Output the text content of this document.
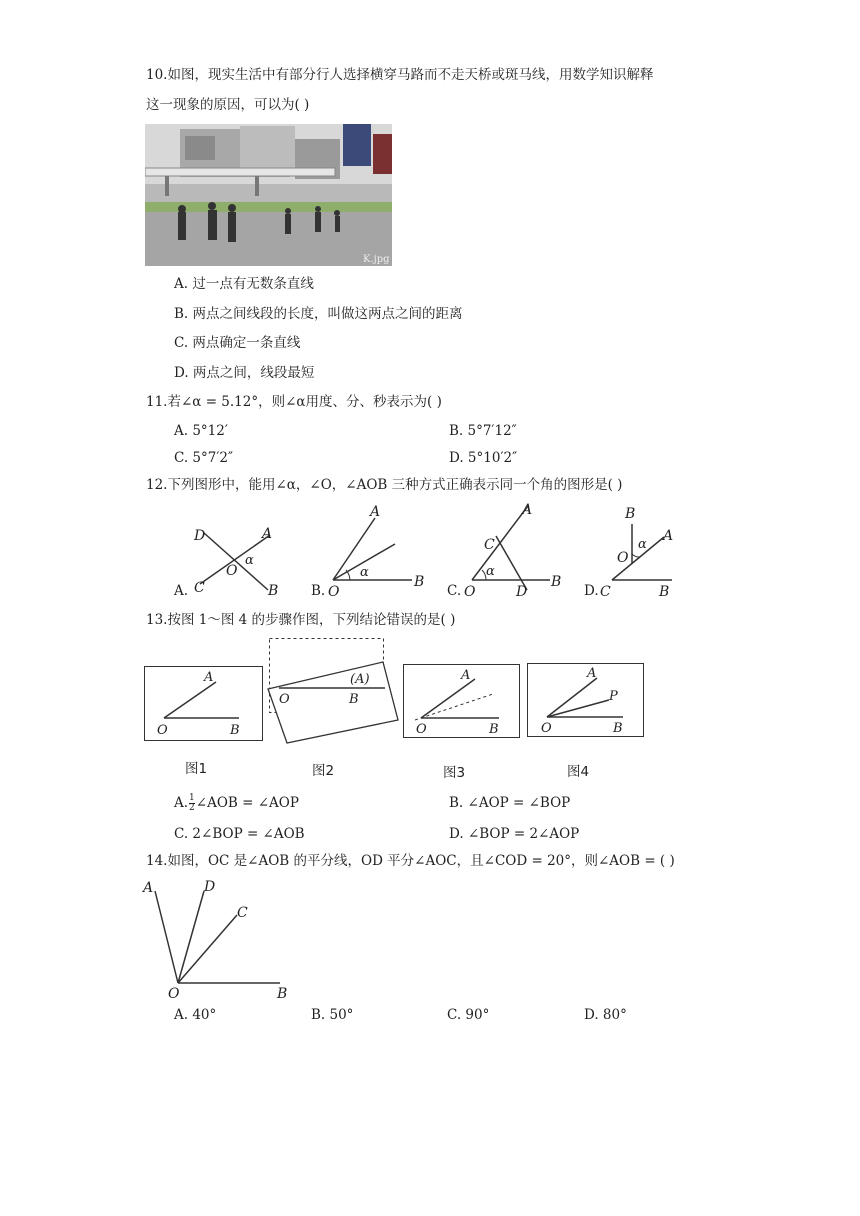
10.如图，现实生活中有部分行人选择横穿马路而不走天桥或斑马线，用数学知识解释
这一现象的原因，可以为( )
K.jpg
A. 过一点有无数条直线
B. 两点之间线段的长度，叫做这两点之间的距离
C. 两点确定一条直线
D. 两点之间，线段最短
11.若∠α = 5.12°，则∠α用度、分、秒表示为( )
A. 5°12′	B. 5°7′12″
C. 5°7′2″	D. 5°10′2″
12.下列图形中，能用∠α，∠O，∠AOB 三种方式正确表示同一个角的图形是( )
A.
D	A
O
α
C	B B.
A
α
O
B
C.
A
C
α
O	D
B
D.
B
A
O
α
C	B
13.按图 1～图 4 的步骤作图，下列结论错误的是( )
A
O	B
图1
(A)
O	B
图2
A
O	B
图3
A
P
O	B
图4
A. $\frac{1}{2}$ ∠AOB = ∠AOP	B. ∠AOP = ∠BOP
C. 2∠BOP = ∠AOB	D. ∠BOP = 2∠AOP
14.如图，OC 是∠AOB 的平分线，OD 平分∠AOC，且∠COD = 20°，则∠AOB = ( )
A	D
C
O	B
A. 40°	B. 50°	C. 90°	D. 80°
